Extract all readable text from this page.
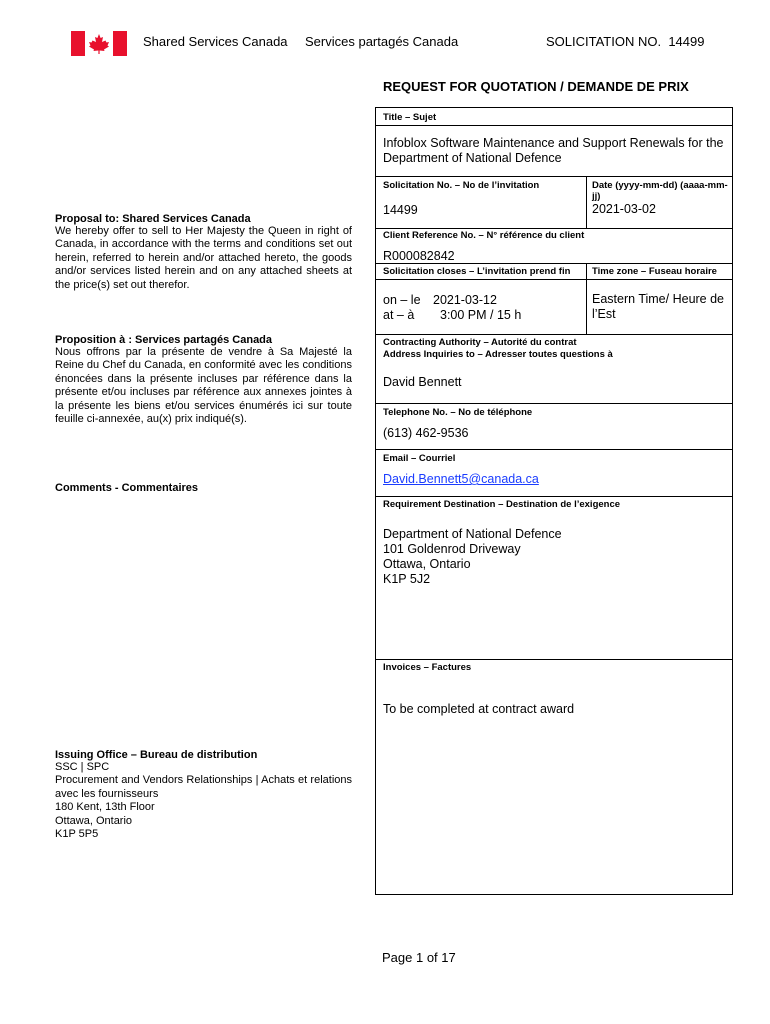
Shared Services Canada Services partagés Canada	SOLICITATION NO. 14499
REQUEST FOR QUOTATION / DEMANDE DE PRIX
Proposal to: Shared Services Canada
We hereby offer to sell to Her Majesty the Queen in right of Canada, in accordance with the terms and conditions set out herein, referred to herein and/or attached hereto, the goods and/or services listed herein and on any attached sheets at the price(s) set out therefor.
Proposition à : Services partagés Canada
Nous offrons par la présente de vendre à Sa Majesté la Reine du Chef du Canada, en conformité avec les conditions énoncées dans la présente incluses par référence dans la présente et/ou incluses par référence aux annexes jointes à la présente les biens et/ou services énumérés ici sur toute feuille ci-annexée, au(x) prix indiqué(s).
Comments - Commentaires
Issuing Office – Bureau de distribution
SSC | SPC
Procurement and Vendors Relationships | Achats et relations avec les fournisseurs
180 Kent, 13th Floor
Ottawa, Ontario
K1P 5P5
Title – Sujet
Infoblox Software Maintenance and Support Renewals for the Department of National Defence
Solicitation No. – No de l’invitation
14499
Date (yyyy-mm-dd) (aaaa-mm-jj)
2021-03-02
Client Reference No. – N° référence du client
R000082842
Solicitation closes – L’invitation prend fin Time zone – Fuseau horaire
on – le 2021-03-12
at – à 3:00 PM / 15 h
Eastern Time/ Heure de l’Est
Contracting Authority – Autorité du contrat
Address Inquiries to – Adresser toutes questions à
David Bennett
Telephone No. – No de téléphone
(613) 462-9536
Email – Courriel
David.Bennett5@canada.ca
Requirement Destination – Destination de l’exigence
Department of National Defence
101 Goldenrod Driveway
Ottawa, Ontario
K1P 5J2
Invoices – Factures
To be completed at contract award
Page 1 of 17
